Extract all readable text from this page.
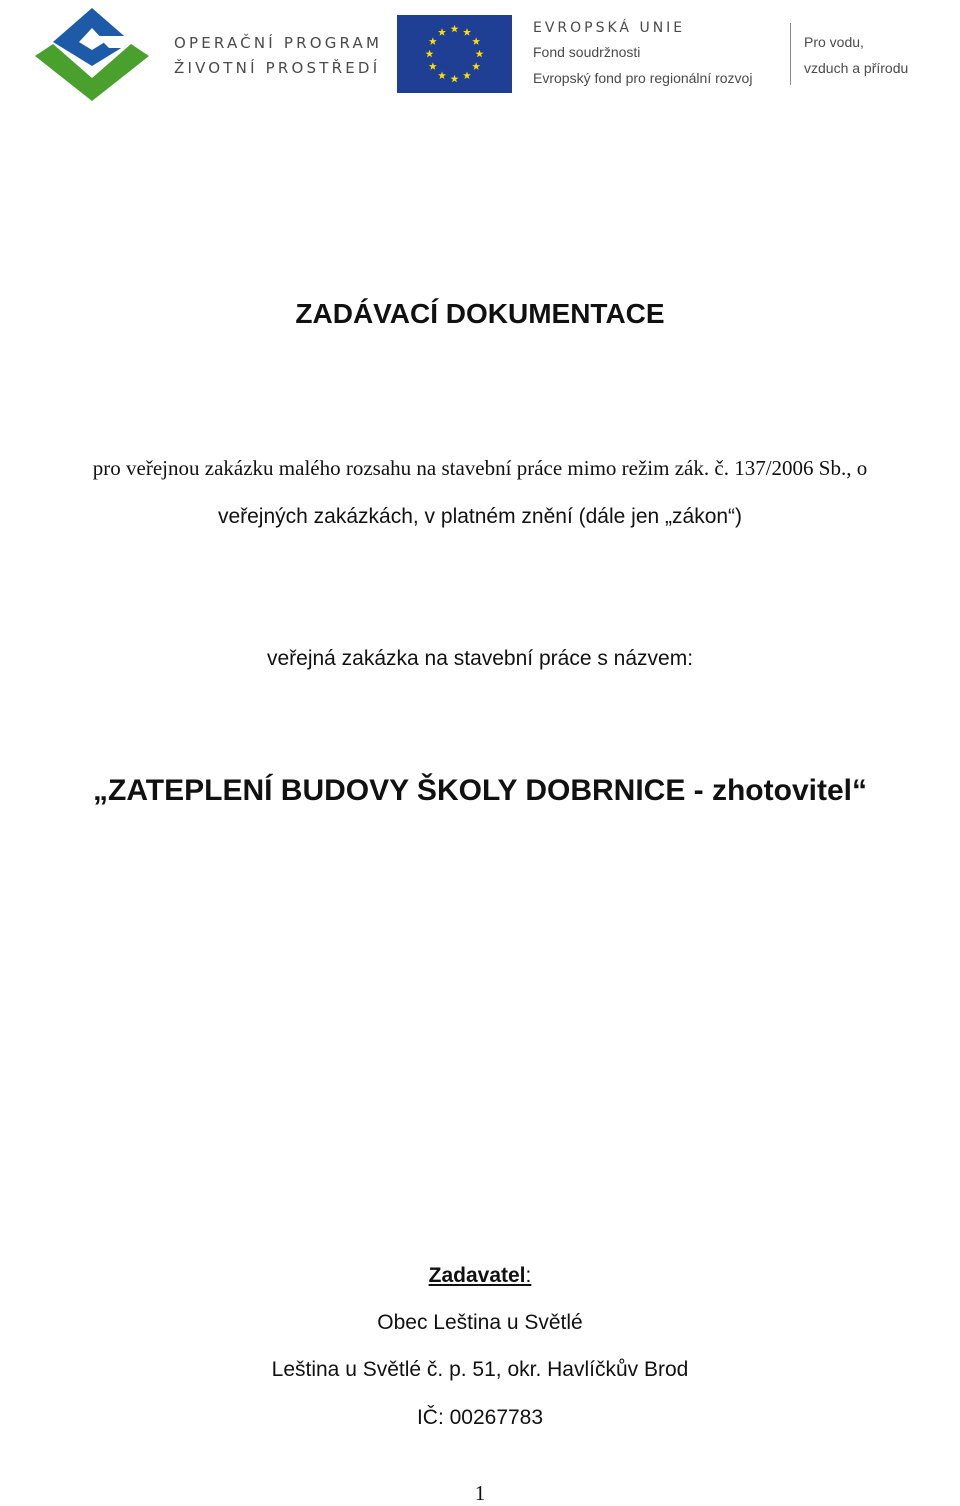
OPERAČNÍ PROGRAM
ŽIVOTNÍ PROSTŘEDÍ
EVROPSKÁ UNIE
Fond soudržnosti
Evropský fond pro regionální rozvoj
Pro vodu,
vzduch a přírodu
ZADÁVACÍ DOKUMENTACE
pro veřejnou zakázku malého rozsahu na stavební práce mimo režim zák. č. 137/2006 Sb., o
veřejných zakázkách, v platném znění (dále jen „zákon“)
veřejná zakázka na stavební práce s názvem:
„ZATEPLENÍ BUDOVY ŠKOLY DOBRNICE - zhotovitel“
Zadavatel:
Obec Leština u Světlé
Leština u Světlé č. p. 51, okr. Havlíčkův Brod
IČ: 00267783
1
